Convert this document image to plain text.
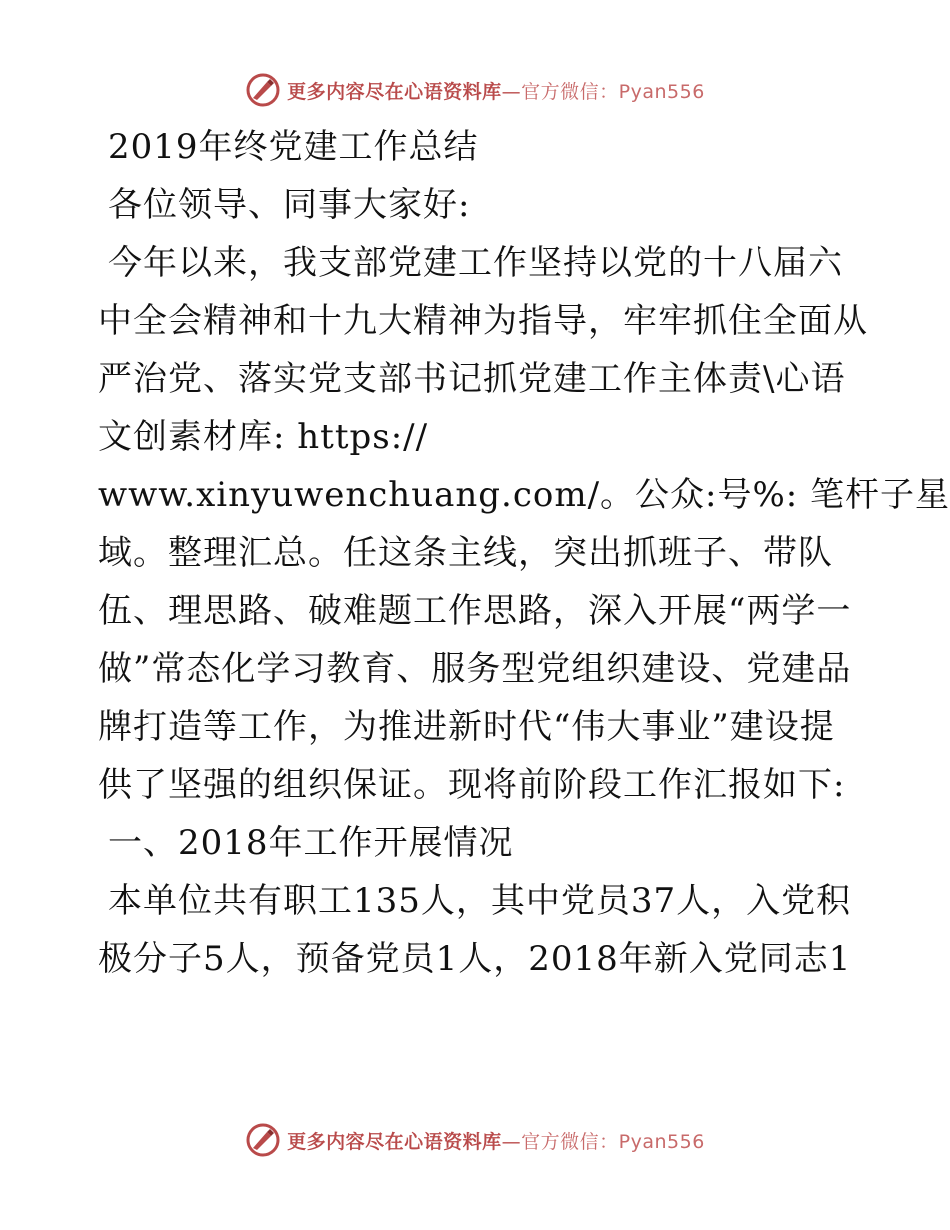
更多内容尽在心语资料库—官方微信：Pyan556
2019年终党建工作总结
各位领导、同事大家好:
今年以来，我支部党建工作坚持以党的十八届六
中全会精神和十九大精神为指导，牢牢抓住全面从
严治党、落实党支部书记抓党建工作主体责\心语
文创素材库: https://
www.xinyuwenchuang.com/。公众:号%: 笔杆子星
域。整理汇总。任这条主线，突出抓班子、带队
伍、理思路、破难题工作思路，深入开展“两学一
做”常态化学习教育、服务型党组织建设、党建品
牌打造等工作，为推进新时代“伟大事业”建设提
供了坚强的组织保证。现将前阶段工作汇报如下:
一、2018年工作开展情况
本单位共有职工135人，其中党员37人，入党积
极分子5人，预备党员1人，2018年新入党同志1
更多内容尽在心语资料库—官方微信：Pyan556
